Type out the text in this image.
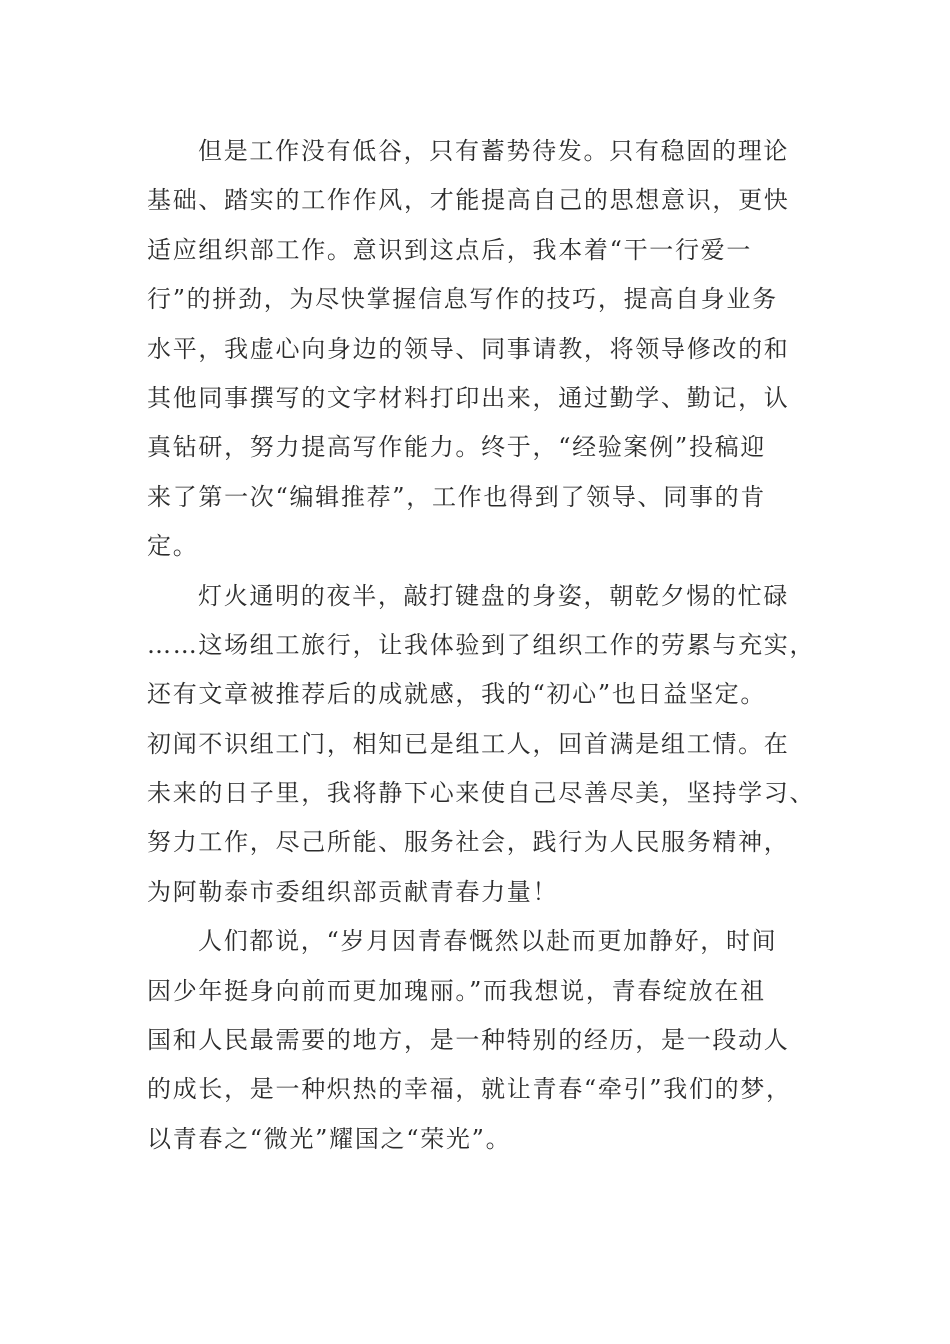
但是工作没有低谷，只有蓄势待发。只有稳固的理论
基础、踏实的工作作风，才能提高自己的思想意识，更快
适应组织部工作。意识到这点后，我本着“干一行爱一
行”的拼劲，为尽快掌握信息写作的技巧，提高自身业务
水平，我虚心向身边的领导、同事请教，将领导修改的和
其他同事撰写的文字材料打印出来，通过勤学、勤记，认
真钻研，努力提高写作能力。终于，“经验案例”投稿迎
来了第一次“编辑推荐”，工作也得到了领导、同事的肯
定。
灯火通明的夜半，敲打键盘的身姿，朝乾夕惕的忙碌
……这场组工旅行，让我体验到了组织工作的劳累与充实，
还有文章被推荐后的成就感，我的“初心”也日益坚定。
初闻不识组工门，相知已是组工人，回首满是组工情。在
未来的日子里，我将静下心来使自己尽善尽美，坚持学习、
努力工作，尽己所能、服务社会，践行为人民服务精神，
为阿勒泰市委组织部贡献青春力量！
人们都说，“岁月因青春慨然以赴而更加静好，时间
因少年挺身向前而更加瑰丽。”而我想说，青春绽放在祖
国和人民最需要的地方，是一种特别的经历，是一段动人
的成长，是一种炽热的幸福，就让青春“牵引”我们的梦，
以青春之“微光”耀国之“荣光”。
